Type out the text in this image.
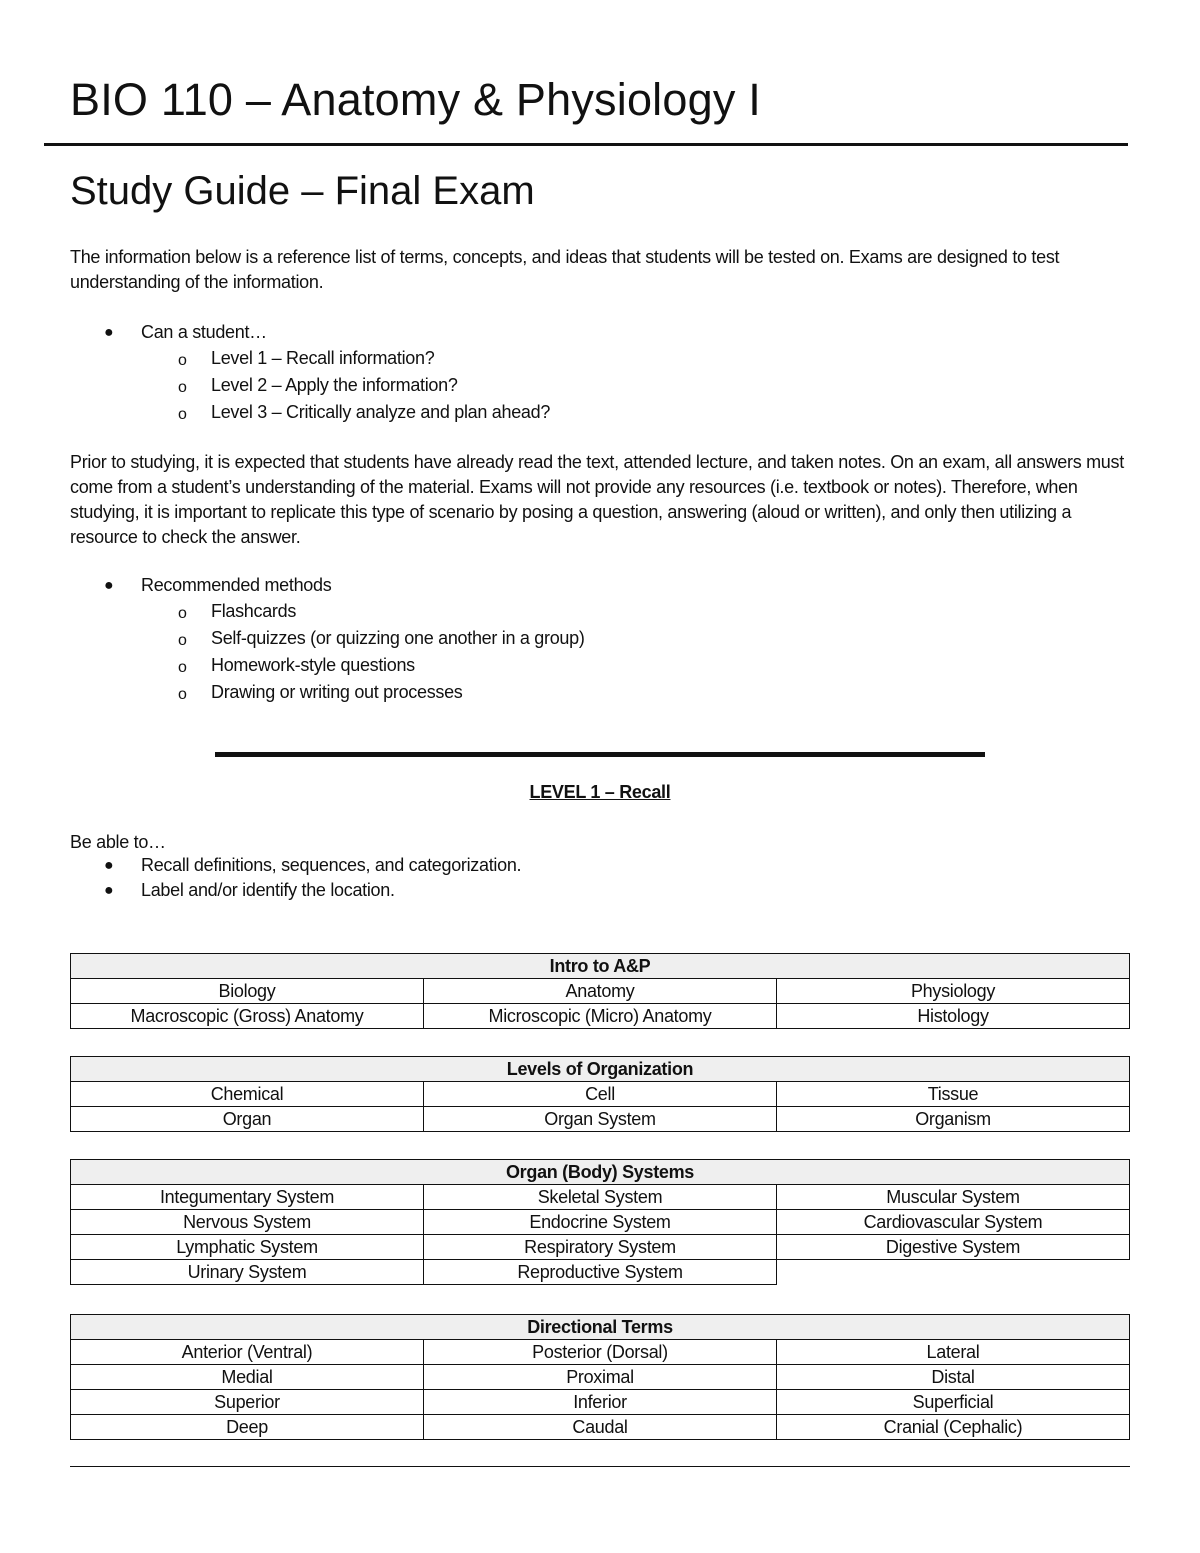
BIO 110 – Anatomy & Physiology I
Study Guide – Final Exam

The information below is a reference list of terms, concepts, and ideas that students will be tested on. Exams are designed to test understanding of the information.

● Can a student…
o Level 1 – Recall information?
o Level 2 – Apply the information?
o Level 3 – Critically analyze and plan ahead?

Prior to studying, it is expected that students have already read the text, attended lecture, and taken notes. On an exam, all answers must come from a student’s understanding of the material. Exams will not provide any resources (i.e. textbook or notes). Therefore, when studying, it is important to replicate this type of scenario by posing a question, answering (aloud or written), and only then utilizing a resource to check the answer.

● Recommended methods
o Flashcards
o Self-quizzes (or quizzing one another in a group)
o Homework-style questions
o Drawing or writing out processes
LEVEL 1 – Recall

Be able to…

● Recall definitions, sequences, and categorization.
● Label and/or identify the location.
Intro to A&P		
Biology	Anatomy	Physiology
Macroscopic (Gross) Anatomy	Microscopic (Micro) Anatomy	Histology
Levels of Organization		
Chemical	Cell	Tissue
Organ	Organ System	Organism
Organ (Body) Systems		
Integumentary System	Skeletal System	Muscular System
Nervous System	Endocrine System	Cardiovascular System
Lymphatic System	Respiratory System	Digestive System
Urinary System	Reproductive System	
Directional Terms		
Anterior (Ventral)	Posterior (Dorsal)	Lateral
Medial	Proximal	Distal
Superior	Inferior	Superficial
Deep	Caudal	Cranial (Cephalic)
